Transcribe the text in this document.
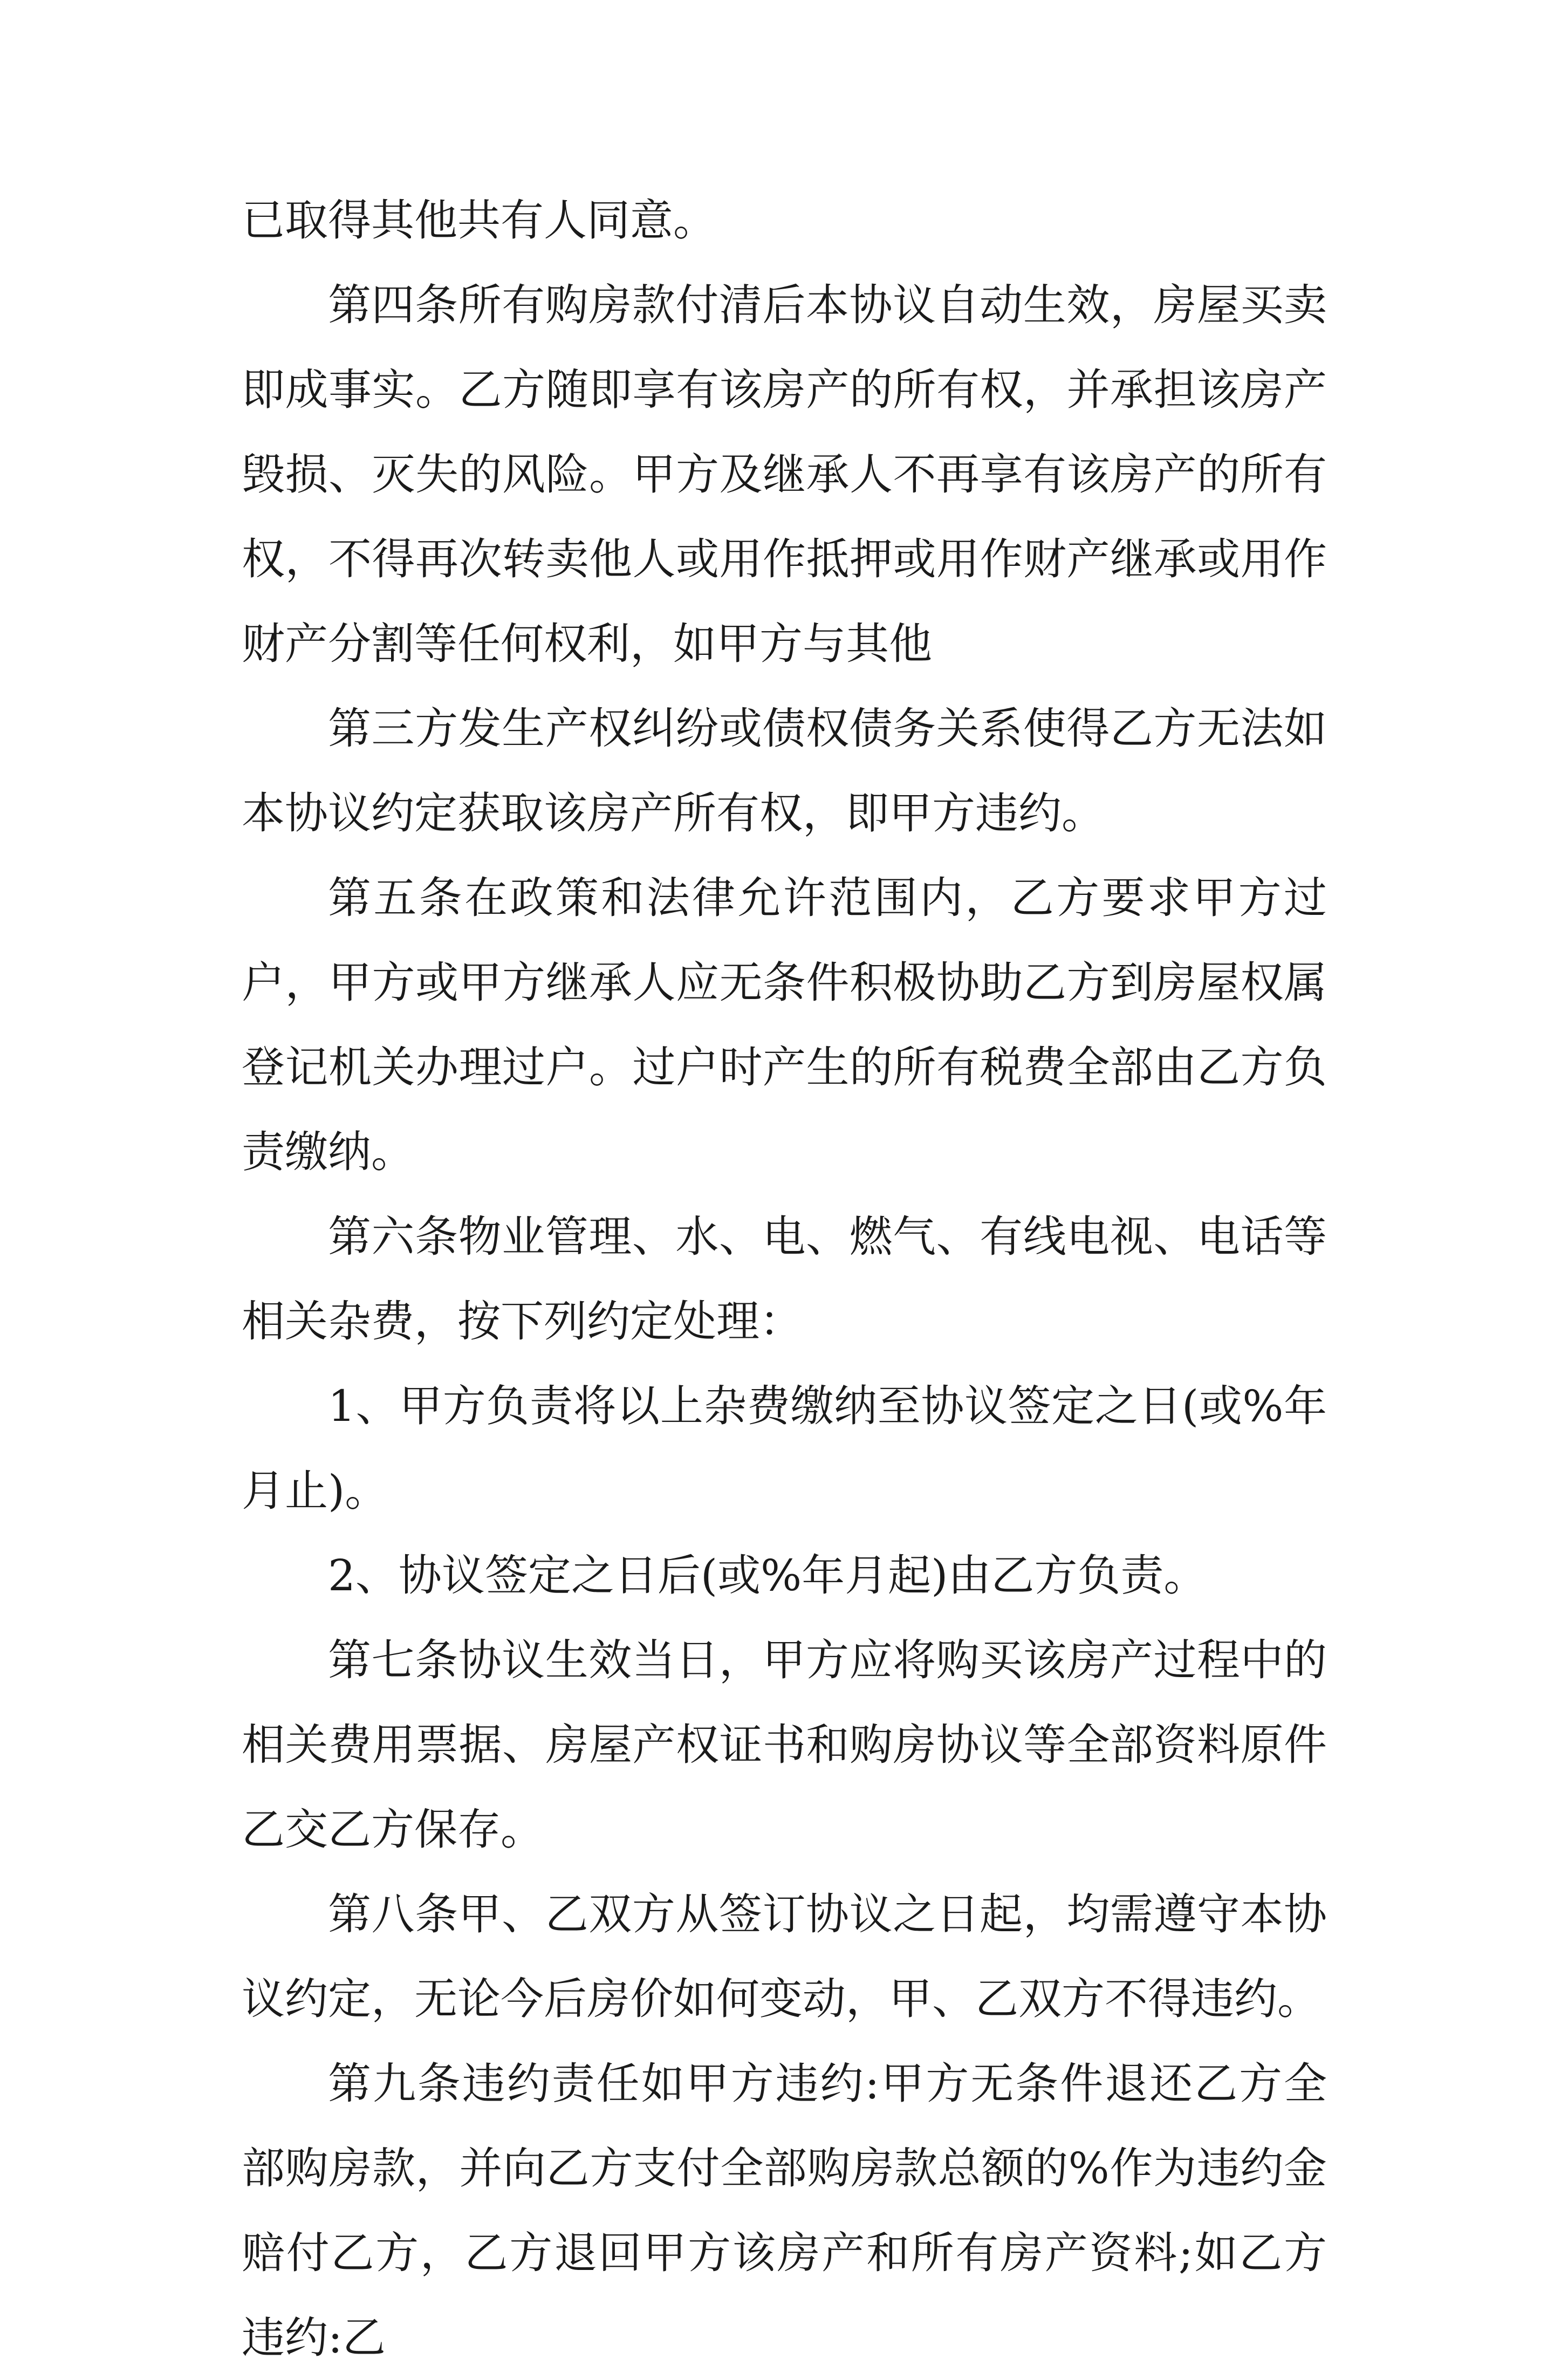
已取得其他共有人同意。

第四条所有购房款付清后本协议自动生效，房屋买卖即成事实。乙方随即享有该房产的所有权，并承担该房产毁损、灭失的风险。甲方及继承人不再享有该房产的所有权，不得再次转卖他人或用作抵押或用作财产继承或用作财产分割等任何权利，如甲方与其他

第三方发生产权纠纷或债权债务关系使得乙方无法如本协议约定获取该房产所有权，即甲方违约。

第五条在政策和法律允许范围内，乙方要求甲方过户，甲方或甲方继承人应无条件积极协助乙方到房屋权属登记机关办理过户。过户时产生的所有税费全部由乙方负责缴纳。

第六条物业管理、水、电、燃气、有线电视、电话等相关杂费，按下列约定处理：

1、甲方负责将以上杂费缴纳至协议签定之日(或%年月止)。

2、协议签定之日后(或%年月起)由乙方负责。

第七条协议生效当日，甲方应将购买该房产过程中的相关费用票据、房屋产权证书和购房协议等全部资料原件乙交乙方保存。

第八条甲、乙双方从签订协议之日起，均需遵守本协议约定，无论今后房价如何变动，甲、乙双方不得违约。

第九条违约责任如甲方违约:甲方无条件退还乙方全部购房款，并向乙方支付全部购房款总额的%作为违约金赔付乙方，乙方退回甲方该房产和所有房产资料;如乙方违约:乙
